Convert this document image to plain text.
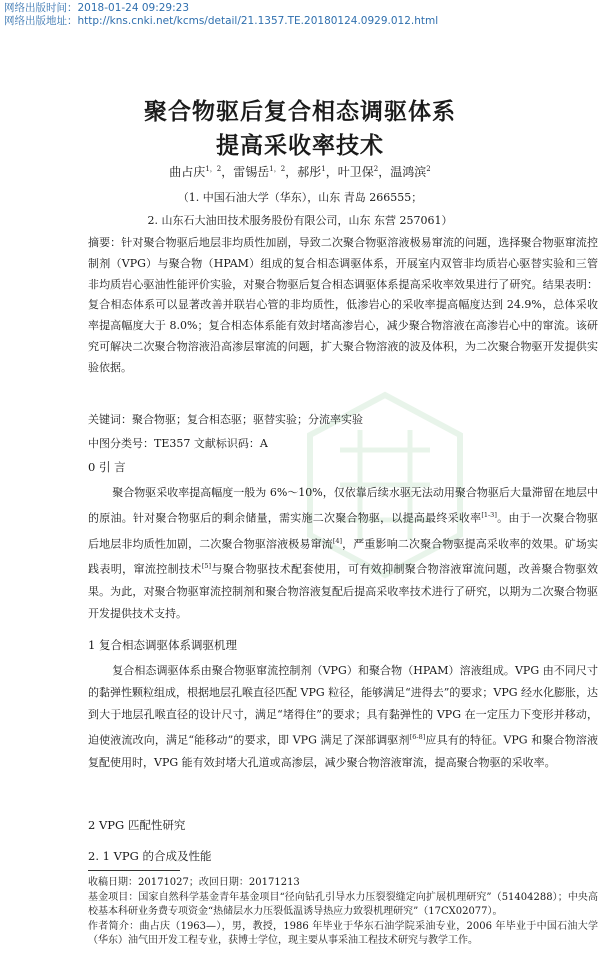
网络出版时间：2018-01-24 09:29:23
网络出版地址：http://kns.cnki.net/kcms/detail/21.1357.TE.20180124.0929.012.html
聚合物驱后复合相态调驱体系
提高采收率技术
曲占庆$^{1,2}$，雷锡岳$^{1,2}$，郝彤$^1$，叶卫保$^2$，温鸿滨$^2$
（1. 中国石油大学（华东），山东 青岛 266555；
2. 山东石大油田技术服务股份有限公司，山东 东营 257061）
摘要：针对聚合物驱后地层非均质性加剧，导致二次聚合物驱溶液极易窜流的问题，选择聚合物驱窜流控制剂（VPG）与聚合物（HPAM）组成的复合相态调驱体系，开展室内双管非均质岩心驱替实验和三管非均质岩心驱油性能评价实验，对聚合物驱后复合相态调驱体系提高采收率效果进行了研究。结果表明：复合相态体系可以显著改善并联岩心管的非均质性，低渗岩心的采收率提高幅度达到 24.9%，总体采收率提高幅度大于 8.0%；复合相态体系能有效封堵高渗岩心，减少聚合物溶液在高渗岩心中的窜流。该研究可解决二次聚合物溶液沿高渗层窜流的问题，扩大聚合物溶液的波及体积，为二次聚合物驱开发提供实验依据。
关键词：聚合物驱；复合相态驱；驱替实验；分流率实验
中图分类号：TE357 文献标识码：A
0 引 言
聚合物驱采收率提高幅度一般为 6%～10%，仅依靠后续水驱无法动用聚合物驱后大量滞留在地层中的原油。针对聚合物驱后的剩余储量，需实施二次聚合物驱，以提高最终采收率[1-3]。由于一次聚合物驱后地层非均质性加剧，二次聚合物驱溶液极易窜流[4]，严重影响二次聚合物驱提高采收率的效果。矿场实践表明，窜流控制技术[5]与聚合物驱技术配套使用，可有效抑制聚合物溶液窜流问题，改善聚合物驱效果。为此，对聚合物驱窜流控制剂和聚合物溶液复配后提高采收率技术进行了研究，以期为二次聚合物驱开发提供技术支持。
1 复合相态调驱体系调驱机理
复合相态调驱体系由聚合物驱窜流控制剂（VPG）和聚合物（HPAM）溶液组成。VPG 由不同尺寸的黏弹性颗粒组成，根据地层孔喉直径匹配 VPG 粒径，能够满足“进得去”的要求；VPG 经水化膨胀，达到大于地层孔喉直径的设计尺寸，满足“堵得住”的要求；具有黏弹性的 VPG 在一定压力下变形并移动，迫使液流改向，满足“能移动”的要求，即 VPG 满足了深部调驱剂[6-8]应具有的特征。VPG 和聚合物溶液复配使用时，VPG 能有效封堵大孔道或高渗层，减少聚合物溶液窜流，提高聚合物驱的采收率。
2 VPG 匹配性研究
2. 1 VPG 的合成及性能
收稿日期：20171027；改回日期：20171213
基金项目：国家自然科学基金青年基金项目“径向钻孔引导水力压裂裂缝定向扩展机理研究”（51404288）；中央高校基本科研业务费专项资金“热储层水力压裂低温诱导热应力致裂机理研究”（17CX02077）。
作者简介：曲占庆（1963—），男，教授，1986 年毕业于华东石油学院采油专业，2006 年毕业于中国石油大学（华东）油气田开发工程专业，获博士学位，现主要从事采油工程技术研究与教学工作。
